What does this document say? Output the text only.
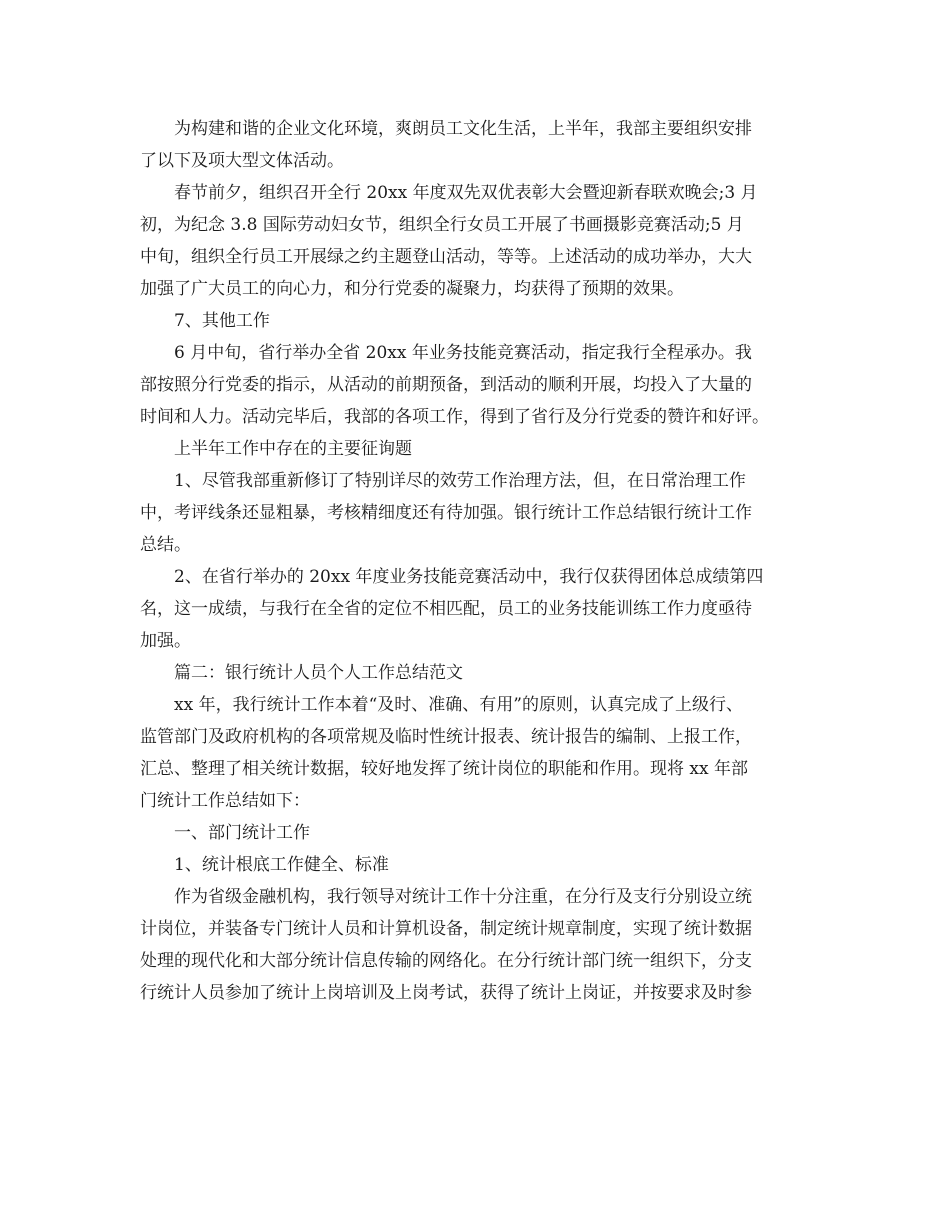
为构建和谐的企业文化环境，爽朗员工文化生活，上半年，我部主要组织安排
了以下及项大型文体活动。
春节前夕，组织召开全行 20xx 年度双先双优表彰大会暨迎新春联欢晚会;3 月
初，为纪念 3.8 国际劳动妇女节，组织全行女员工开展了书画摄影竞赛活动;5 月
中旬，组织全行员工开展绿之约主题登山活动，等等。上述活动的成功举办，大大
加强了广大员工的向心力，和分行党委的凝聚力，均获得了预期的效果。
7、其他工作
6 月中旬，省行举办全省 20xx 年业务技能竞赛活动，指定我行全程承办。我
部按照分行党委的指示，从活动的前期预备，到活动的顺利开展，均投入了大量的
时间和人力。活动完毕后，我部的各项工作，得到了省行及分行党委的赞许和好评。
上半年工作中存在的主要征询题
1、尽管我部重新修订了特别详尽的效劳工作治理方法，但，在日常治理工作
中，考评线条还显粗暴，考核精细度还有待加强。银行统计工作总结银行统计工作
总结。
2、在省行举办的 20xx 年度业务技能竞赛活动中，我行仅获得团体总成绩第四
名，这一成绩，与我行在全省的定位不相匹配，员工的业务技能训练工作力度亟待
加强。
篇二：银行统计人员个人工作总结范文
xx 年，我行统计工作本着“及时、准确、有用”的原则，认真完成了上级行、
监管部门及政府机构的各项常规及临时性统计报表、统计报告的编制、上报工作，
汇总、整理了相关统计数据，较好地发挥了统计岗位的职能和作用。现将 xx 年部
门统计工作总结如下：
一、部门统计工作
1、统计根底工作健全、标准
作为省级金融机构，我行领导对统计工作十分注重，在分行及支行分别设立统
计岗位，并装备专门统计人员和计算机设备，制定统计规章制度，实现了统计数据
处理的现代化和大部分统计信息传输的网络化。在分行统计部门统一组织下，分支
行统计人员参加了统计上岗培训及上岗考试，获得了统计上岗证，并按要求及时参
